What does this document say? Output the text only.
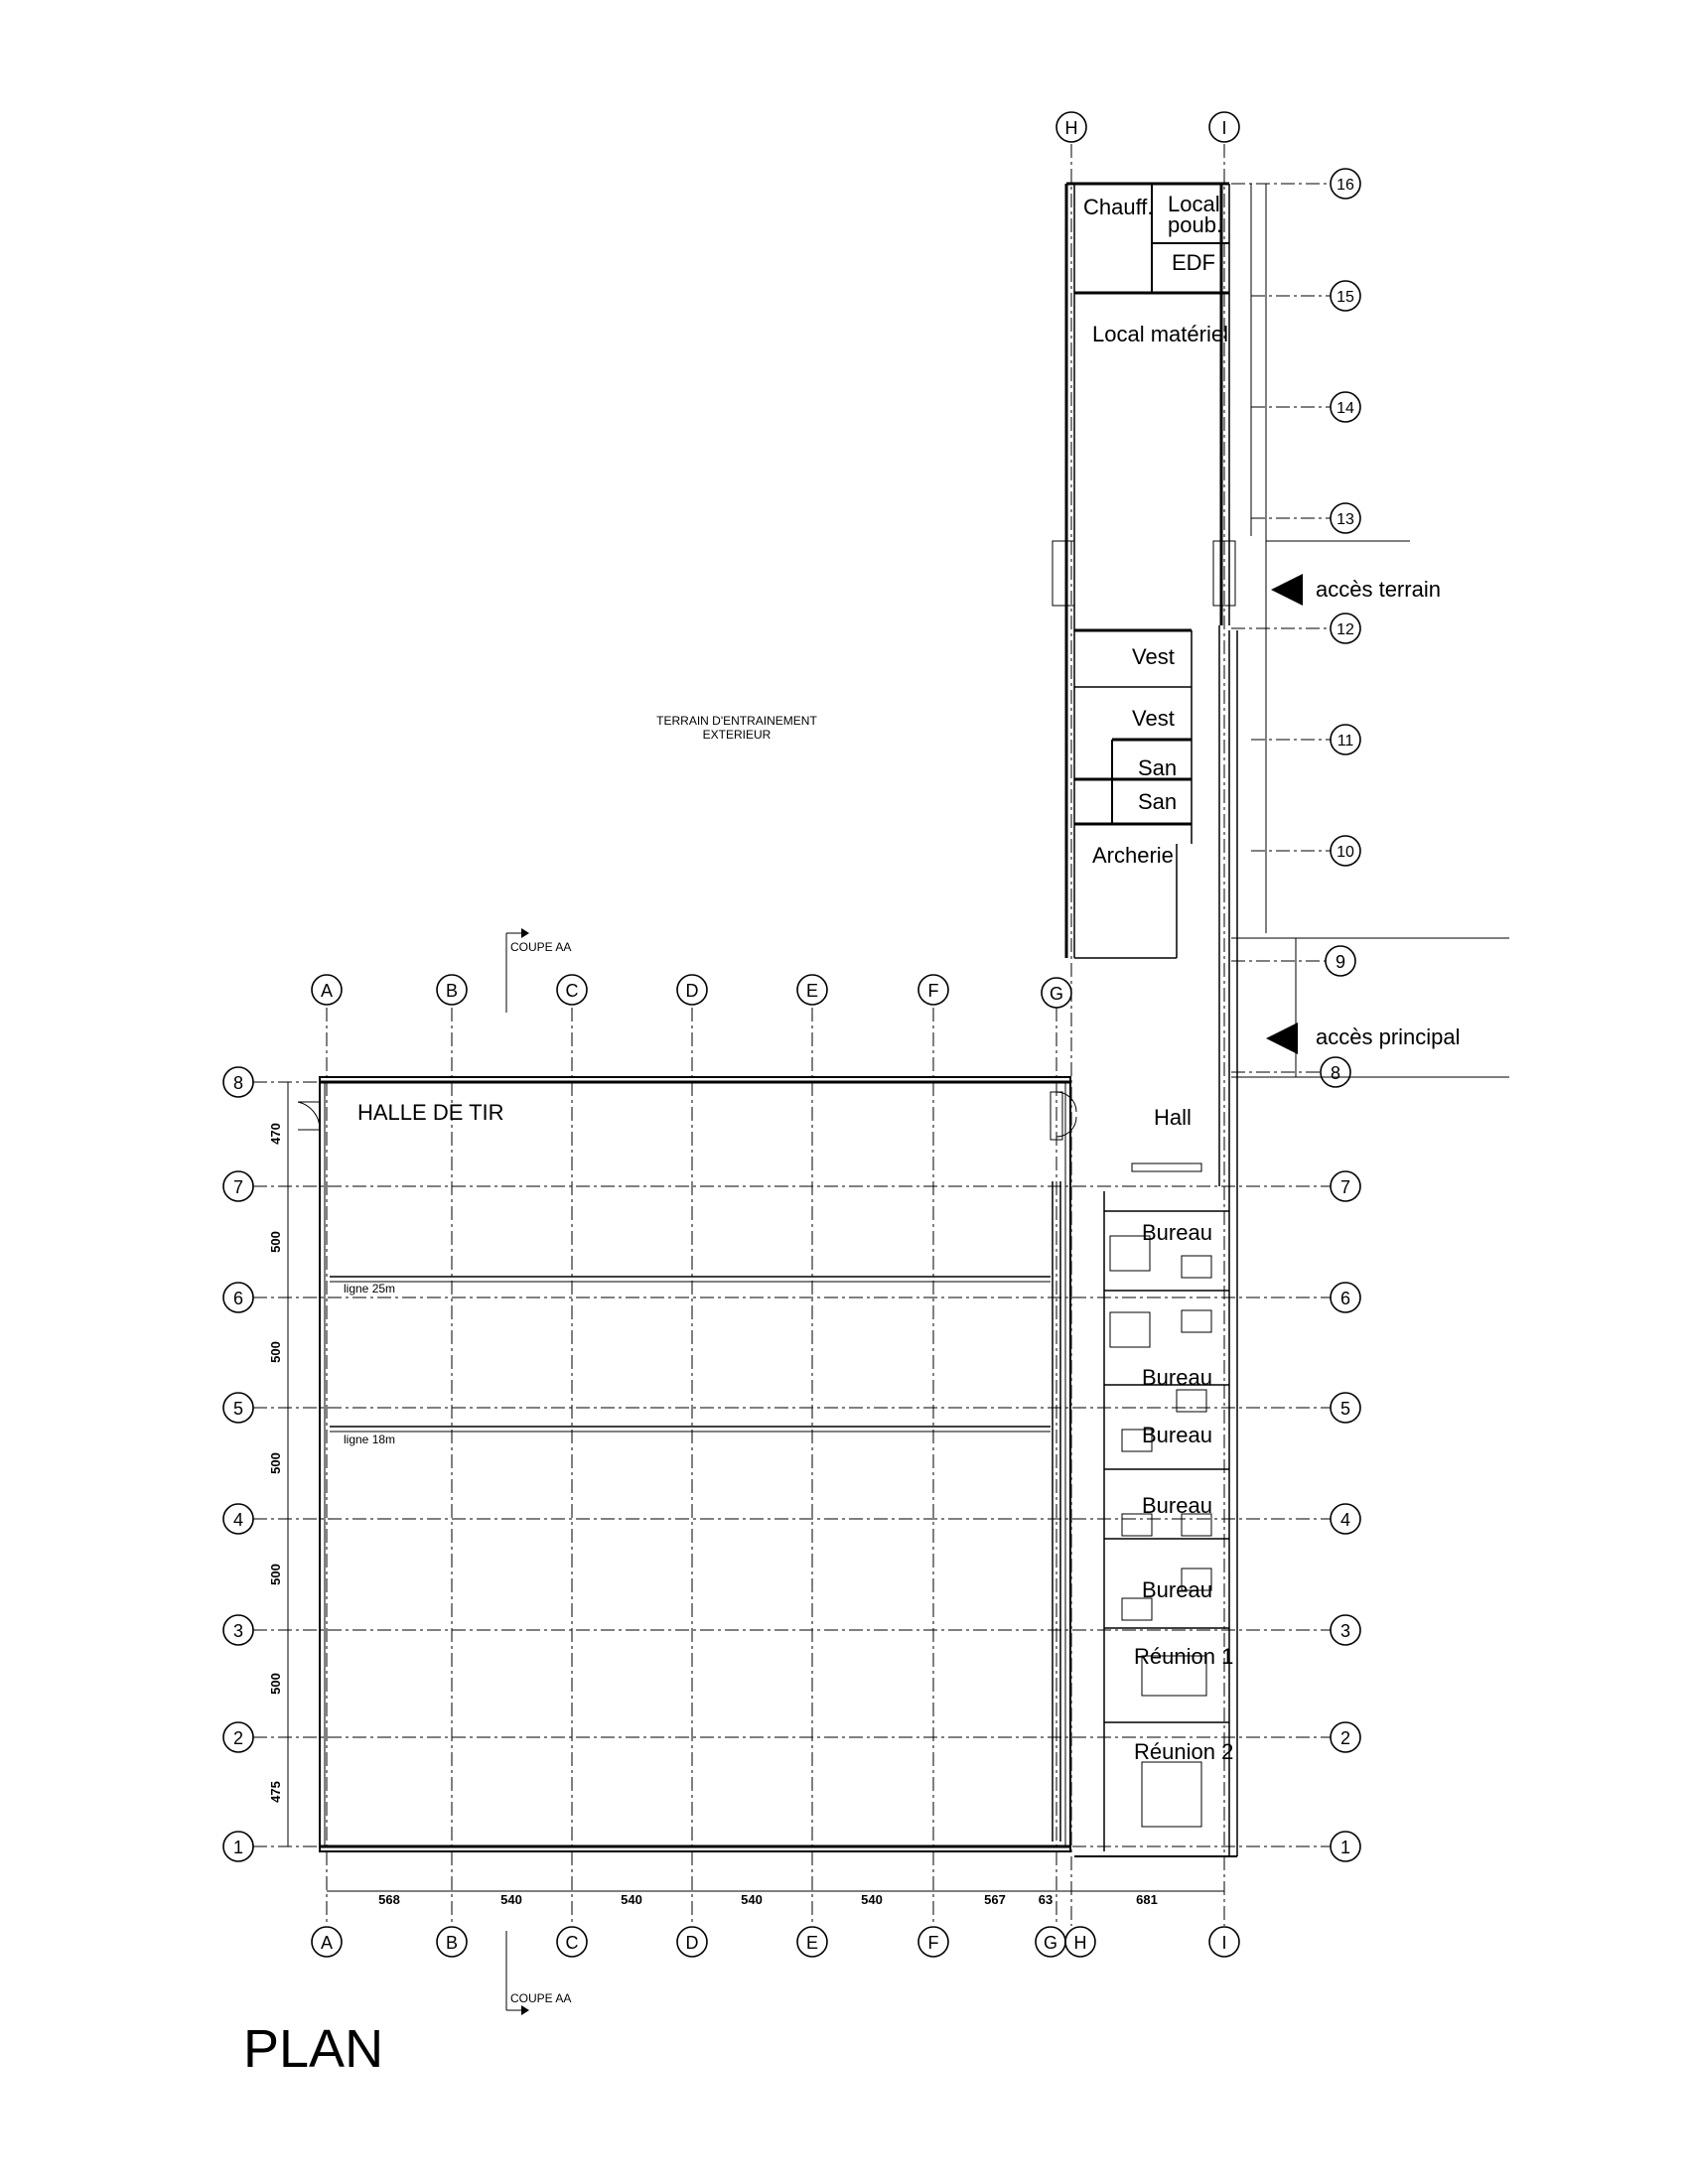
A	B	C	D	E	F	G
H	I
A	B	C	D	E	F	G H	I
8
7
6
5
4
3
2
1
16
15
14
13
12
11
10
9
8
7
6
5
4
3
2
1
HALLE DE TIR
ligne 25m
ligne 18m
Chauff. Local
poub.
EDF
Local matériel
Vest
Vest
San
San
Archerie
Hall
Bureau
Bureau
Bureau
Bureau
Bureau
Réunion 1
Réunion 2
TERRAIN D'ENTRAINEMENT
EXTERIEUR
accès terrain
accès principal
COUPE AA
COUPE AA
568	540	540	540	540	567	63	681
470
500
500
500
500
500
475
PLAN
